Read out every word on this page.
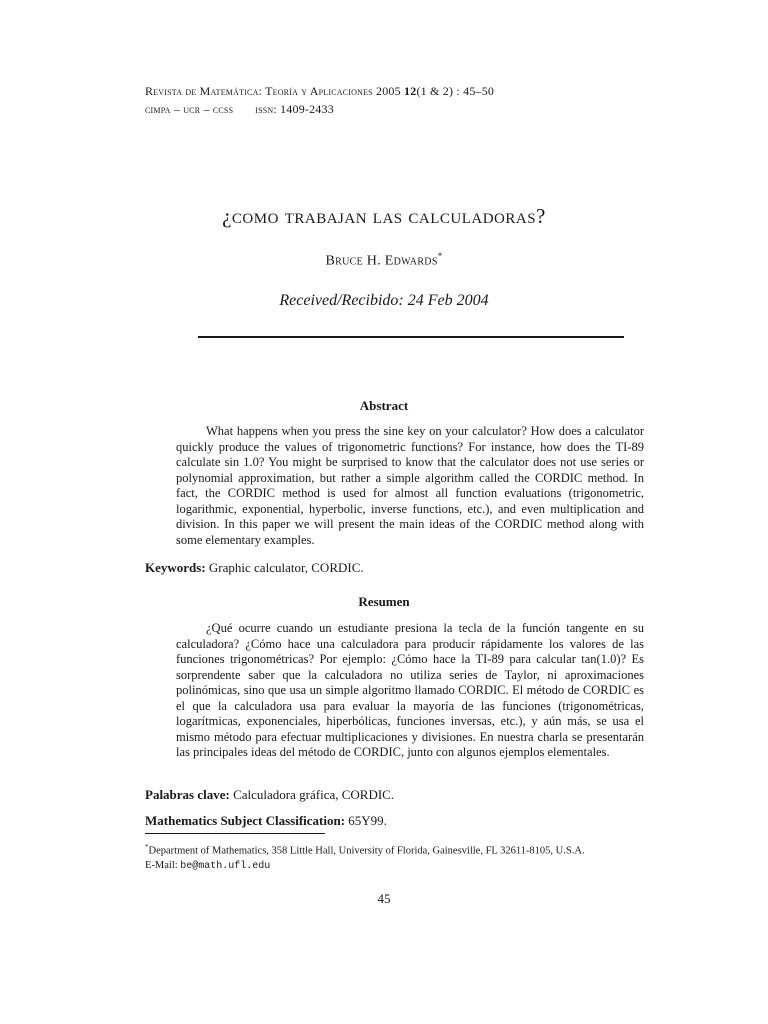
Revista de Matemática: Teoría y Aplicaciones 2005 12(1 & 2) : 45–50
cimpa – ucr – ccss issn: 1409-2433
¿como trabajan las calculadoras?
Bruce H. Edwards*
Received/Recibido: 24 Feb 2004
Abstract
What happens when you press the sine key on your calculator? How does a calculator quickly produce the values of trigonometric functions? For instance, how does the TI-89 calculate sin 1.0? You might be surprised to know that the calculator does not use series or polynomial approximation, but rather a simple algorithm called the CORDIC method. In fact, the CORDIC method is used for almost all function evaluations (trigonometric, logarithmic, exponential, hyperbolic, inverse functions, etc.), and even multiplication and division. In this paper we will present the main ideas of the CORDIC method along with some elementary examples.
Keywords: Graphic calculator, CORDIC.
Resumen
¿Qué ocurre cuando un estudiante presiona la tecla de la función tangente en su calculadora? ¿Cómo hace una calculadora para producir rápidamente los valores de las funciones trigonométricas? Por ejemplo: ¿Cómo hace la TI-89 para calcular tan(1.0)? Es sorprendente saber que la calculadora no utiliza series de Taylor, ni aproximaciones polinómicas, sino que usa un simple algoritmo llamado CORDIC. El método de CORDIC es el que la calculadora usa para evaluar la mayoría de las funciones (trigonométricas, logarítmicas, exponenciales, hiperbólicas, funciones inversas, etc.), y aún más, se usa el mismo método para efectuar multiplicaciones y divisiones. En nuestra charla se presentarán las principales ideas del método de CORDIC, junto con algunos ejemplos elementales.
Palabras clave: Calculadora gráfica, CORDIC.
Mathematics Subject Classification: 65Y99.
*Department of Mathematics, 358 Little Hall, University of Florida, Gainesville, FL 32611-8105, U.S.A.
E-Mail: be@math.ufl.edu
45
